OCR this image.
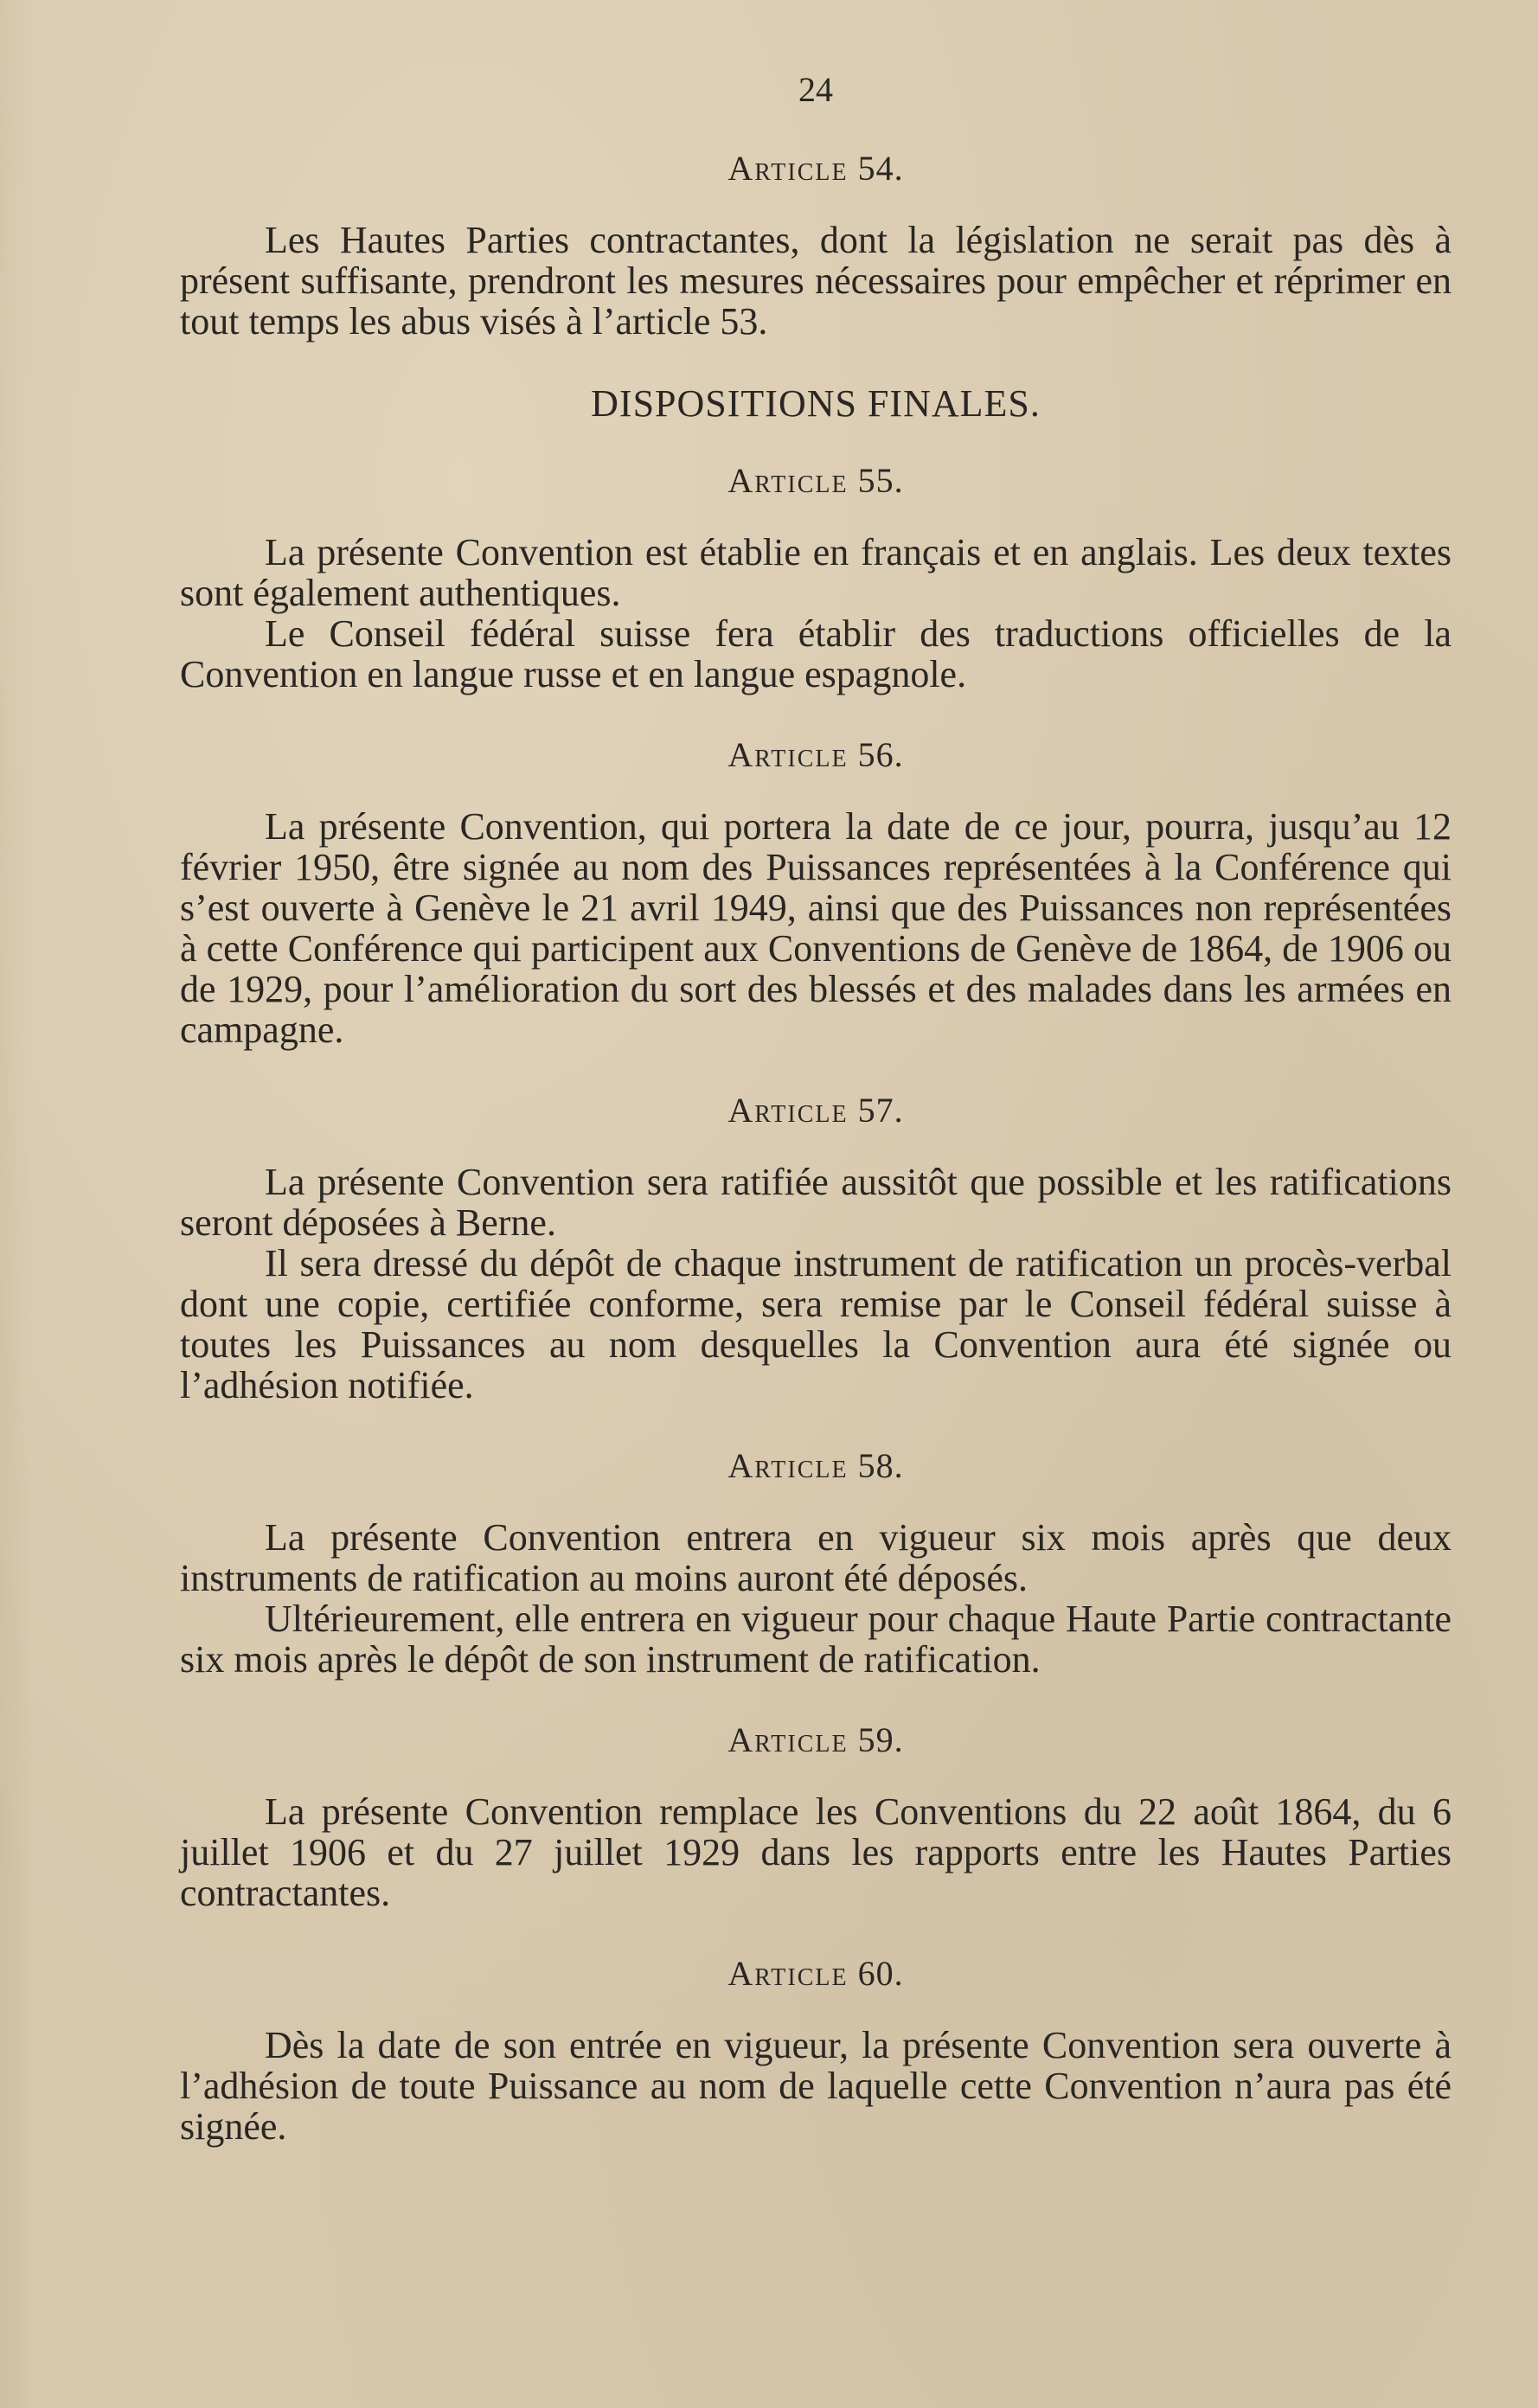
24
Article 54.

Les Hautes Parties contractantes, dont la législation ne serait pas dès à présent suffisante, prendront les mesures nécessaires pour empêcher et réprimer en tout temps les abus visés à l’article 53.

DISPOSITIONS FINALES.
Article 55.

La présente Convention est établie en français et en anglais. Les deux textes sont également authentiques.

Le Conseil fédéral suisse fera établir des traductions officielles de la Convention en langue russe et en langue espagnole.

Article 56.

La présente Convention, qui portera la date de ce jour, pourra, jusqu’au 12 février 1950, être signée au nom des Puissances représentées à la Conférence qui s’est ouverte à Genève le 21 avril 1949, ainsi que des Puissances non représentées à cette Conférence qui participent aux Conventions de Genève de 1864, de 1906 ou de 1929, pour l’amélioration du sort des blessés et des malades dans les armées en campagne.

Article 57.

La présente Convention sera ratifiée aussitôt que possible et les ratifications seront déposées à Berne.

Il sera dressé du dépôt de chaque instrument de ratification un procès-verbal dont une copie, certifiée conforme, sera remise par le Conseil fédéral suisse à toutes les Puissances au nom desquelles la Convention aura été signée ou l’adhésion notifiée.

Article 58.

La présente Convention entrera en vigueur six mois après que deux instruments de ratification au moins auront été déposés.

Ultérieurement, elle entrera en vigueur pour chaque Haute Partie contractante six mois après le dépôt de son instrument de ratification.

Article 59.

La présente Convention remplace les Conventions du 22 août 1864, du 6 juillet 1906 et du 27 juillet 1929 dans les rapports entre les Hautes Parties contractantes.

Article 60.

Dès la date de son entrée en vigueur, la présente Convention sera ouverte à l’adhésion de toute Puissance au nom de laquelle cette Convention n’aura pas été signée.
